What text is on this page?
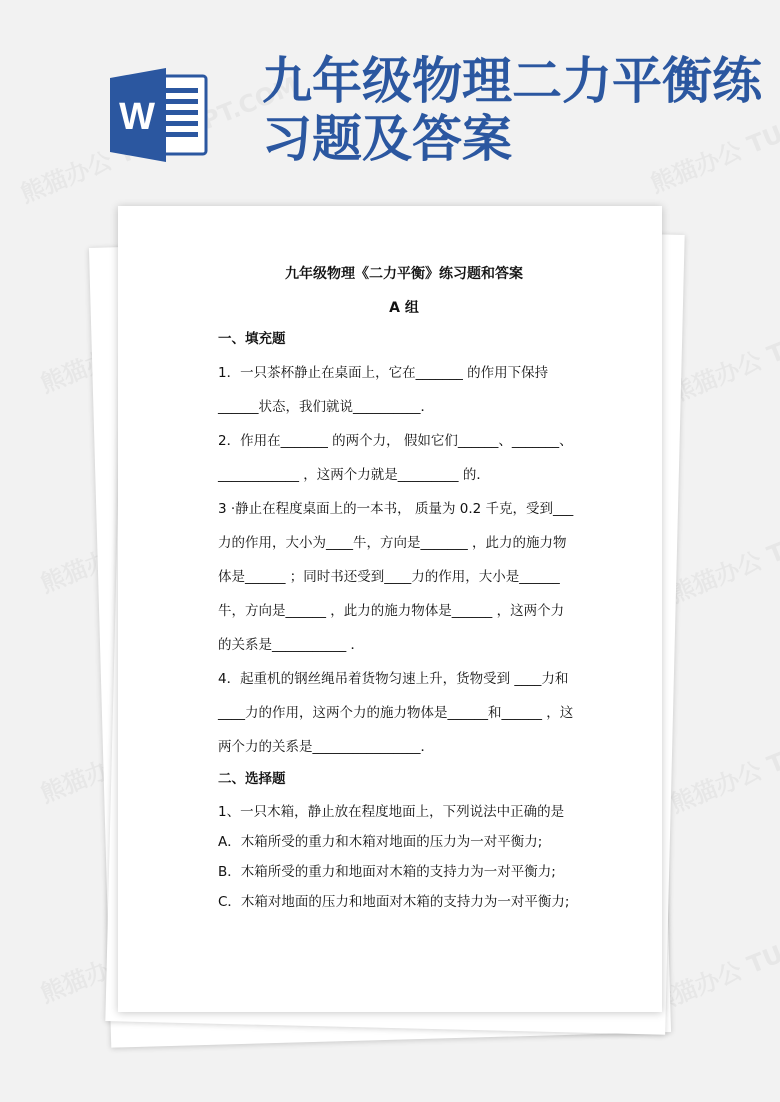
W
九年级物理二力平衡练习题及答案

九年级物理《二力平衡》练习题和答案

A 组

一、填充题

1．一只茶杯静止在桌面上，它在_______ 的作用下保持

______状态，我们就说__________．

2．作用在_______ 的两个力， 假如它们______、_______、

____________ ，这两个力就是_________ 的．

3 ·静止在程度桌面上的一本书， 质量为 0.2 千克，受到___

力的作用，大小为____牛，方向是_______ ，此力的施力物

体是______ ；同时书还受到____力的作用，大小是______

牛，方向是______ ，此力的施力物体是______ ，这两个力

的关系是___________ ．

4．起重机的钢丝绳吊着货物匀速上升，货物受到 ____力和

____力的作用，这两个力的施力物体是______和______ ，这

两个力的关系是________________．

二、选择题

1、一只木箱，静止放在程度地面上，下列说法中正确的是

A．木箱所受的重力和木箱对地面的压力为一对平衡力;

B．木箱所受的重力和地面对木箱的支持力为一对平衡力;

C．木箱对地面的压力和地面对木箱的支持力为一对平衡力;
